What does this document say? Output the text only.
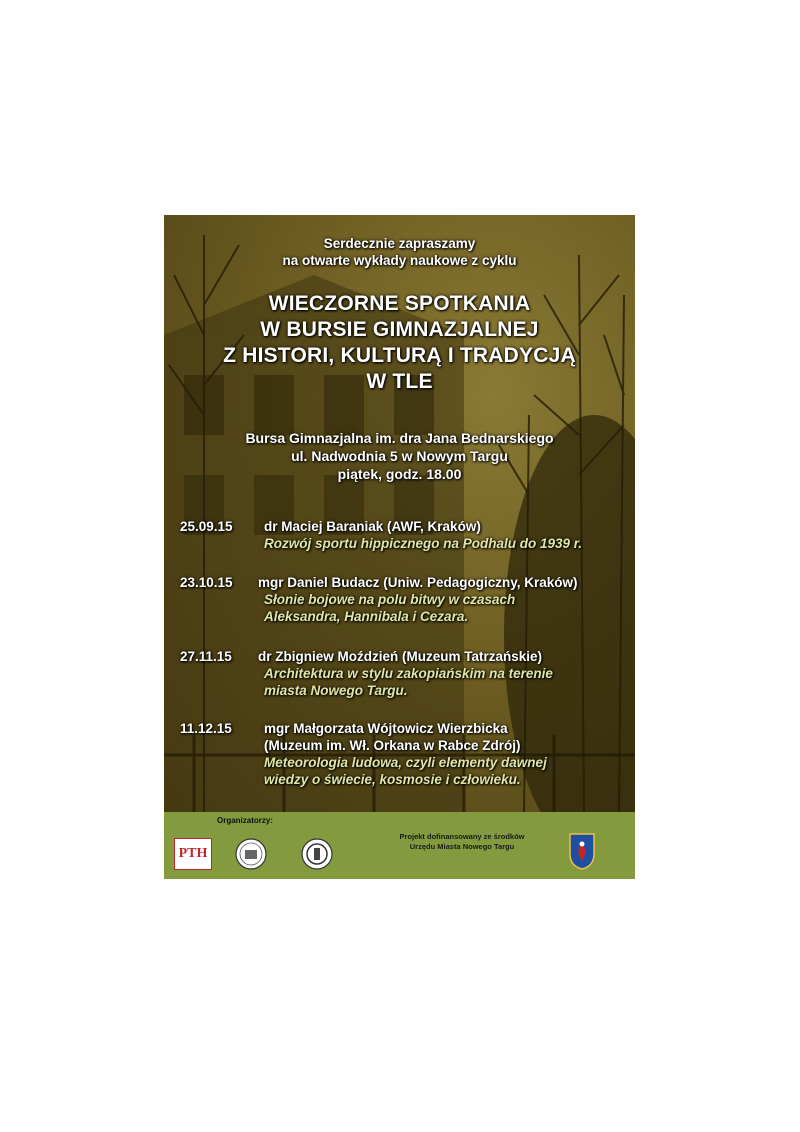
Serdecznie zapraszamy
na otwarte wykłady naukowe z cyklu
WIECZORNE SPOTKANIA
W BURSIE GIMNAZJALNEJ
Z HISTORI, KULTURĄ I TRADYCJĄ
W TLE
Bursa Gimnazjalna im. dra Jana Bednarskiego
ul. Nadwodnia 5 w Nowym Targu
piątek, godz. 18.00
25.09.15 dr Maciej Baraniak (AWF, Kraków)
Rozwój sportu hippicznego na Podhalu do 1939 r.
23.10.15 mgr Daniel Budacz (Uniw. Pedagogiczny, Kraków)
Słonie bojowe na polu bitwy w czasach
Aleksandra, Hannibala i Cezara.
27.11.15 dr Zbigniew Moździeń (Muzeum Tatrzańskie)
Architektura w stylu zakopiańskim na terenie
miasta Nowego Targu.
11.12.15 mgr Małgorzata Wójtowicz Wierzbicka
(Muzeum im. Wł. Orkana w Rabce Zdrój)
Meteorologia ludowa, czyli elementy dawnej
wiedzy o świecie, kosmosie i człowieku.
Organizatorzy:
PTH
Projekt dofinansowany ze środków
Urzędu Miasta Nowego Targu
